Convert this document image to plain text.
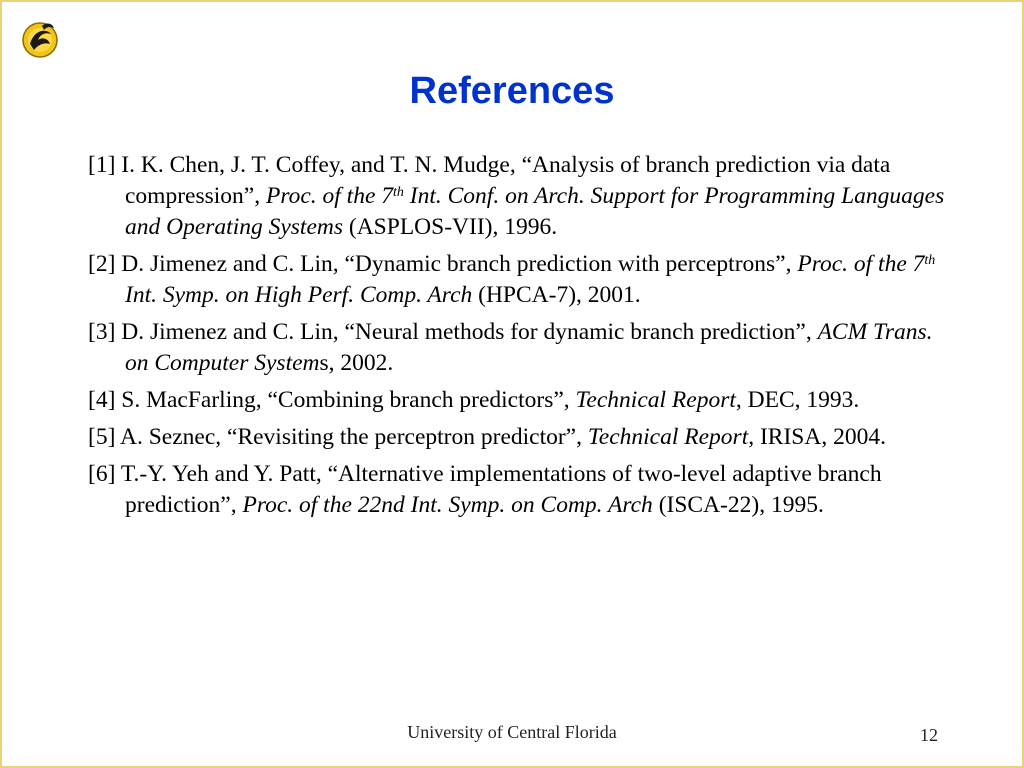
References
[1] I. K. Chen, J. T. Coffey, and T. N. Mudge, “Analysis of branch prediction via data compression”, Proc. of the 7th Int. Conf. on Arch. Support for Programming Languages and Operating Systems (ASPLOS-VII), 1996.
[2] D. Jimenez and C. Lin, “Dynamic branch prediction with perceptrons”, Proc. of the 7th Int. Symp. on High Perf. Comp. Arch (HPCA-7), 2001.
[3] D. Jimenez and C. Lin, “Neural methods for dynamic branch prediction”, ACM Trans. on Computer Systems, 2002.
[4] S. MacFarling, “Combining branch predictors”, Technical Report, DEC, 1993.
[5] A. Seznec, “Revisiting the perceptron predictor”, Technical Report, IRISA, 2004.
[6] T.-Y. Yeh and Y. Patt, “Alternative implementations of two-level adaptive branch prediction”, Proc. of the 22nd Int. Symp. on Comp. Arch (ISCA-22), 1995.
University of Central Florida	12
